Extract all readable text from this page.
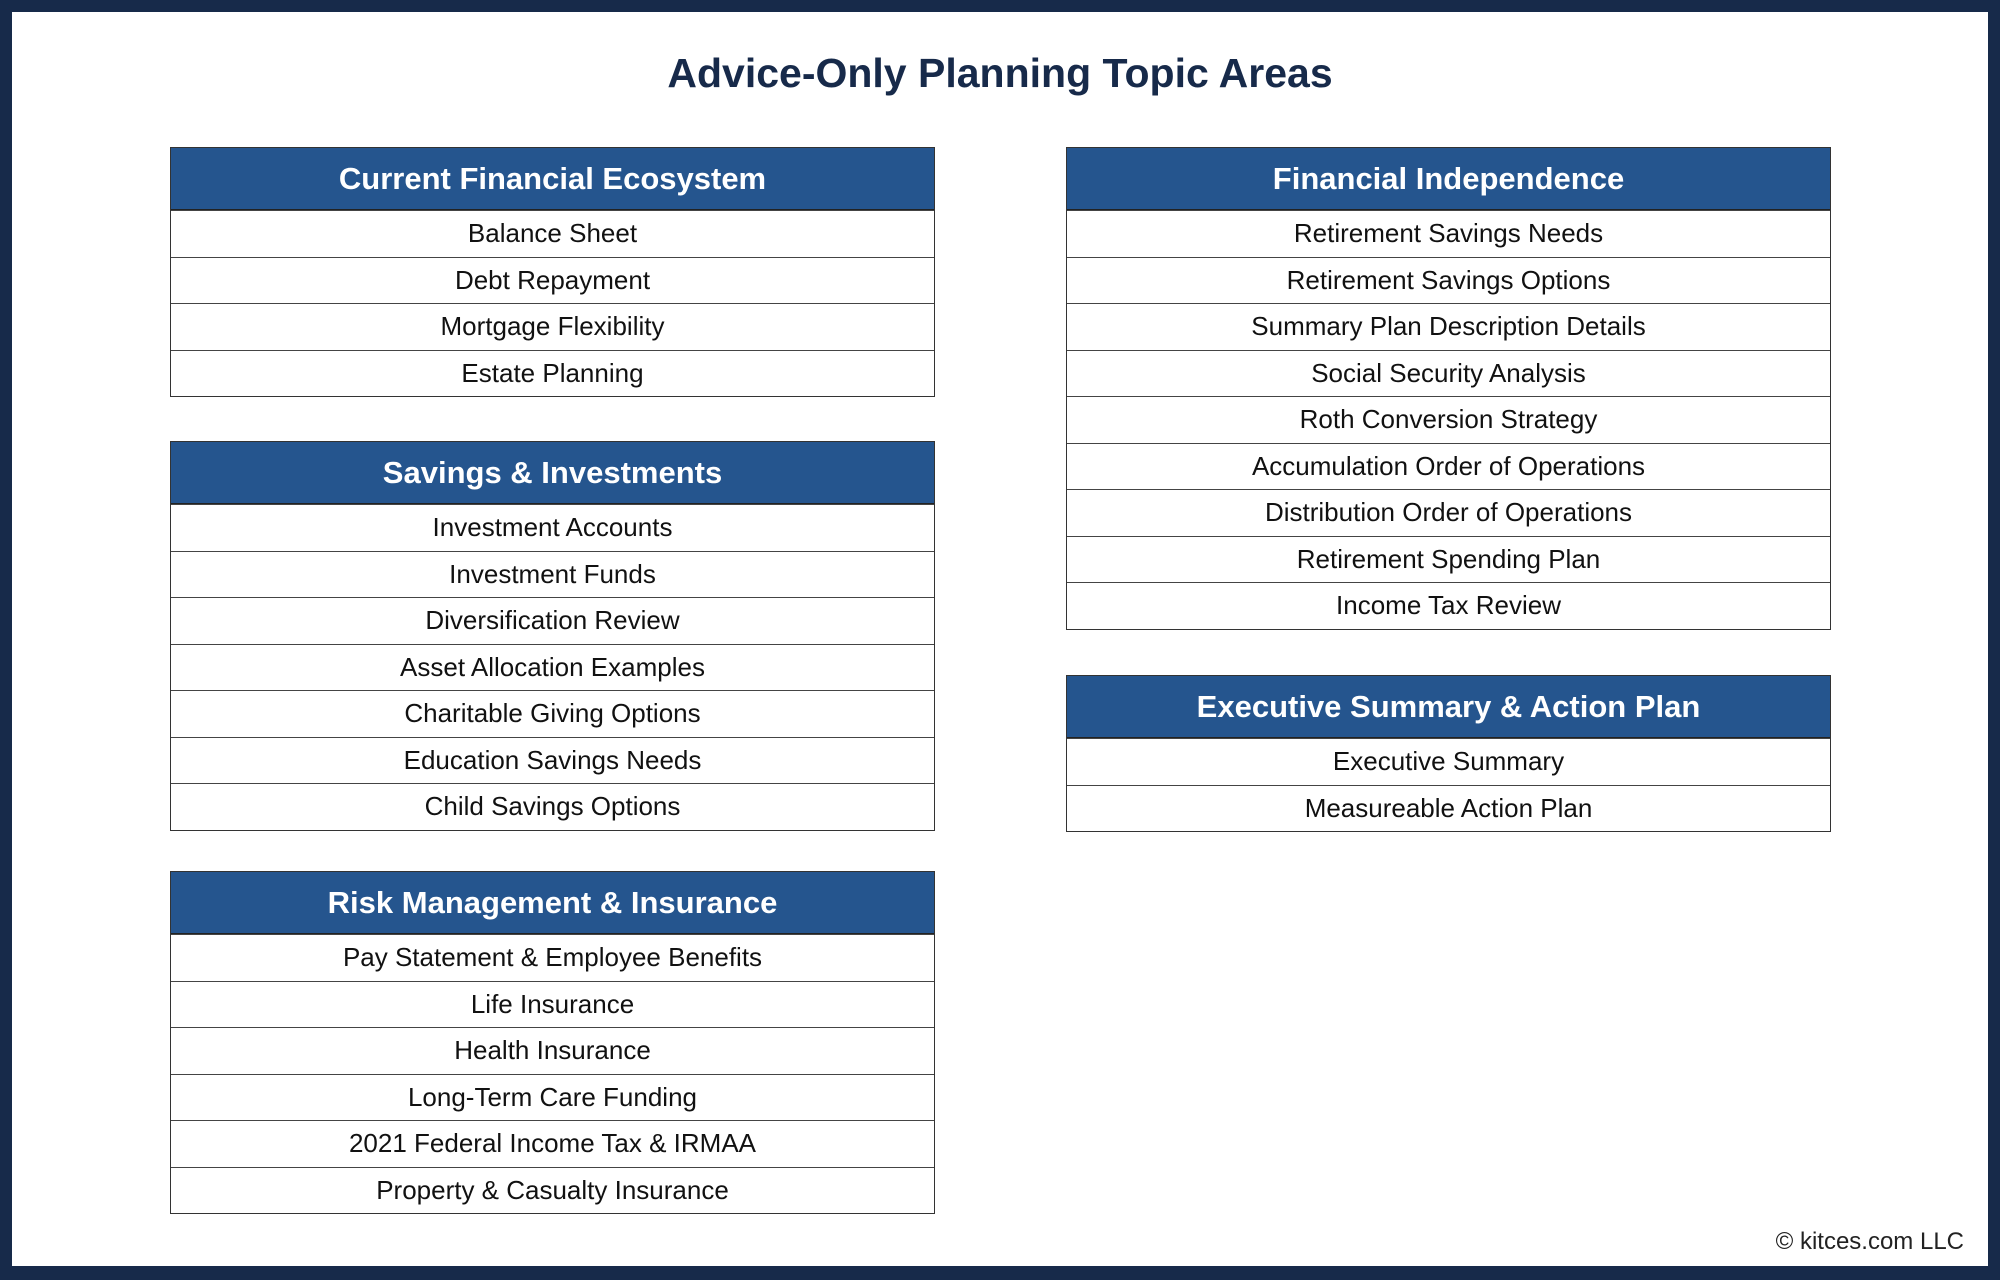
Advice-Only Planning Topic Areas
© kitces.com LLC
Current Financial Ecosystem
Balance Sheet
Debt Repayment
Mortgage Flexibility
Estate Planning
Savings & Investments
Investment Accounts
Investment Funds
Diversification Review
Asset Allocation Examples
Charitable Giving Options
Education Savings Needs
Child Savings Options
Risk Management & Insurance
Pay Statement & Employee Benefits
Life Insurance
Health Insurance
Long-Term Care Funding
2021 Federal Income Tax & IRMAA
Property & Casualty Insurance
Financial Independence
Retirement Savings Needs
Retirement Savings Options
Summary Plan Description Details
Social Security Analysis
Roth Conversion Strategy
Accumulation Order of Operations
Distribution Order of Operations
Retirement Spending Plan
Income Tax Review
Executive Summary & Action Plan
Executive Summary
Measureable Action Plan
